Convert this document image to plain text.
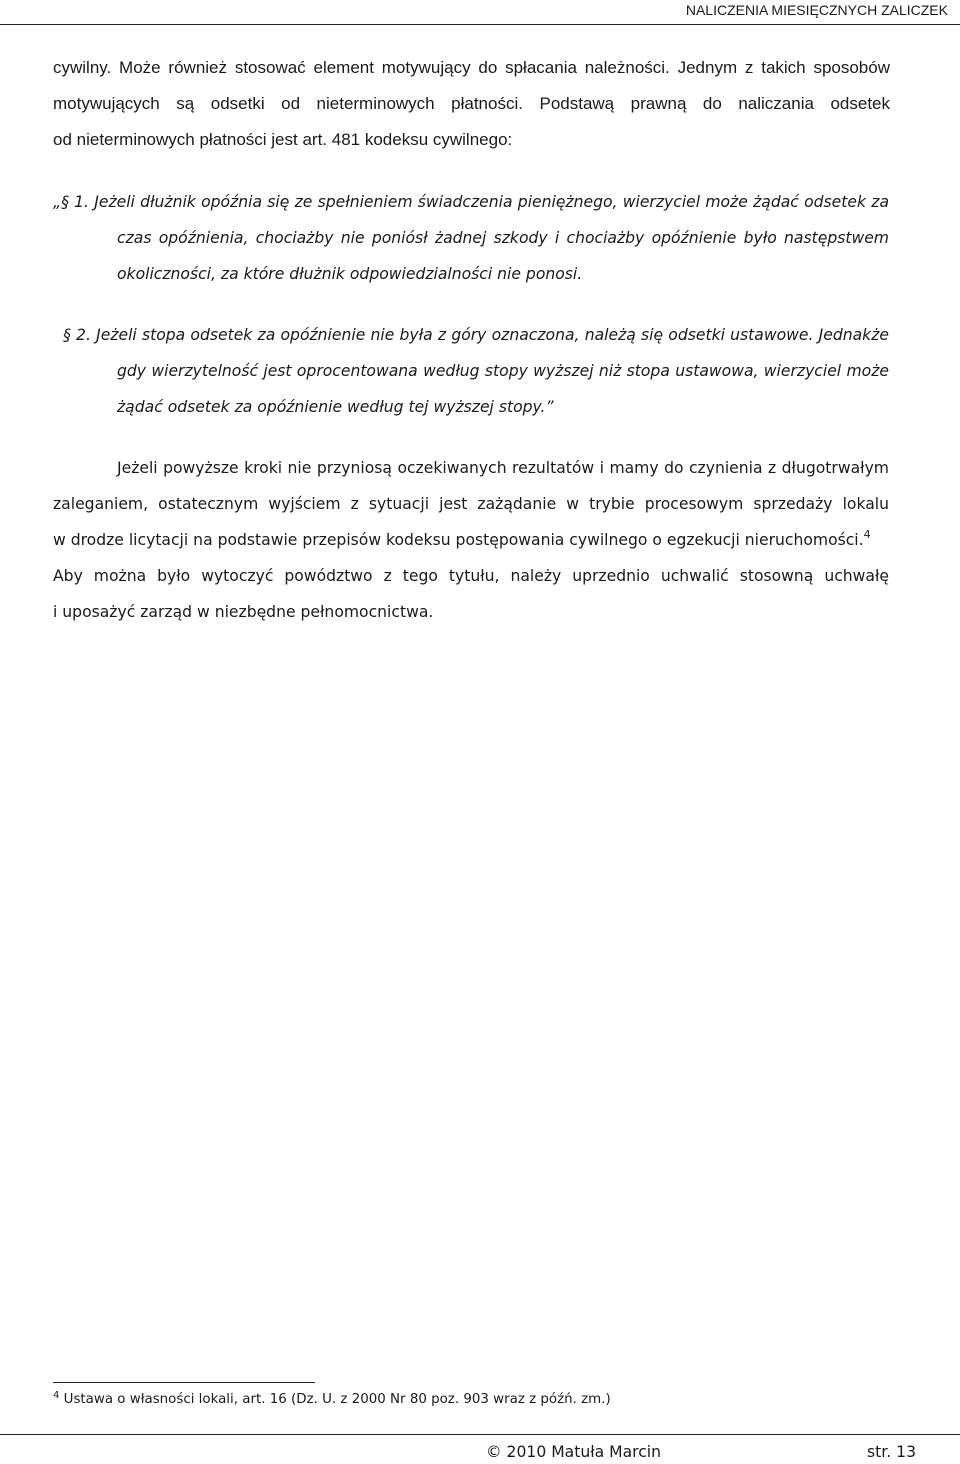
NALICZENIA MIESIĘCZNYCH ZALICZEK
cywilny. Może również stosować element motywujący do spłacania należności. Jednym z takich sposobów
motywujących są odsetki od nieterminowych płatności. Podstawą prawną do naliczania odsetek
od nieterminowych płatności jest art. 481 kodeksu cywilnego:
„§ 1. Jeżeli dłużnik opóźnia się ze spełnieniem świadczenia pieniężnego, wierzyciel może żądać odsetek za
czas opóźnienia, chociażby nie poniósł żadnej szkody i chociażby opóźnienie było następstwem
okoliczności, za które dłużnik odpowiedzialności nie ponosi.
§ 2. Jeżeli stopa odsetek za opóźnienie nie była z góry oznaczona, należą się odsetki ustawowe. Jednakże
gdy wierzytelność jest oprocentowana według stopy wyższej niż stopa ustawowa, wierzyciel może
żądać odsetek za opóźnienie według tej wyższej stopy.”
Jeżeli powyższe kroki nie przyniosą oczekiwanych rezultatów i mamy do czynienia z długotrwałym
zaleganiem, ostatecznym wyjściem z sytuacji jest zażądanie w trybie procesowym sprzedaży lokalu
w drodze licytacji na podstawie przepisów kodeksu postępowania cywilnego o egzekucji nieruchomości.$^4$
Aby można było wytoczyć powództwo z tego tytułu, należy uprzednio uchwalić stosowną uchwałę
i uposażyć zarząd w niezbędne pełnomocnictwa.
$^4$ Ustawa o własności lokali, art. 16 (Dz. U. z 2000 Nr 80 poz. 903 wraz z późń. zm.)
© 2010 Matuła Marcin	str. 13
